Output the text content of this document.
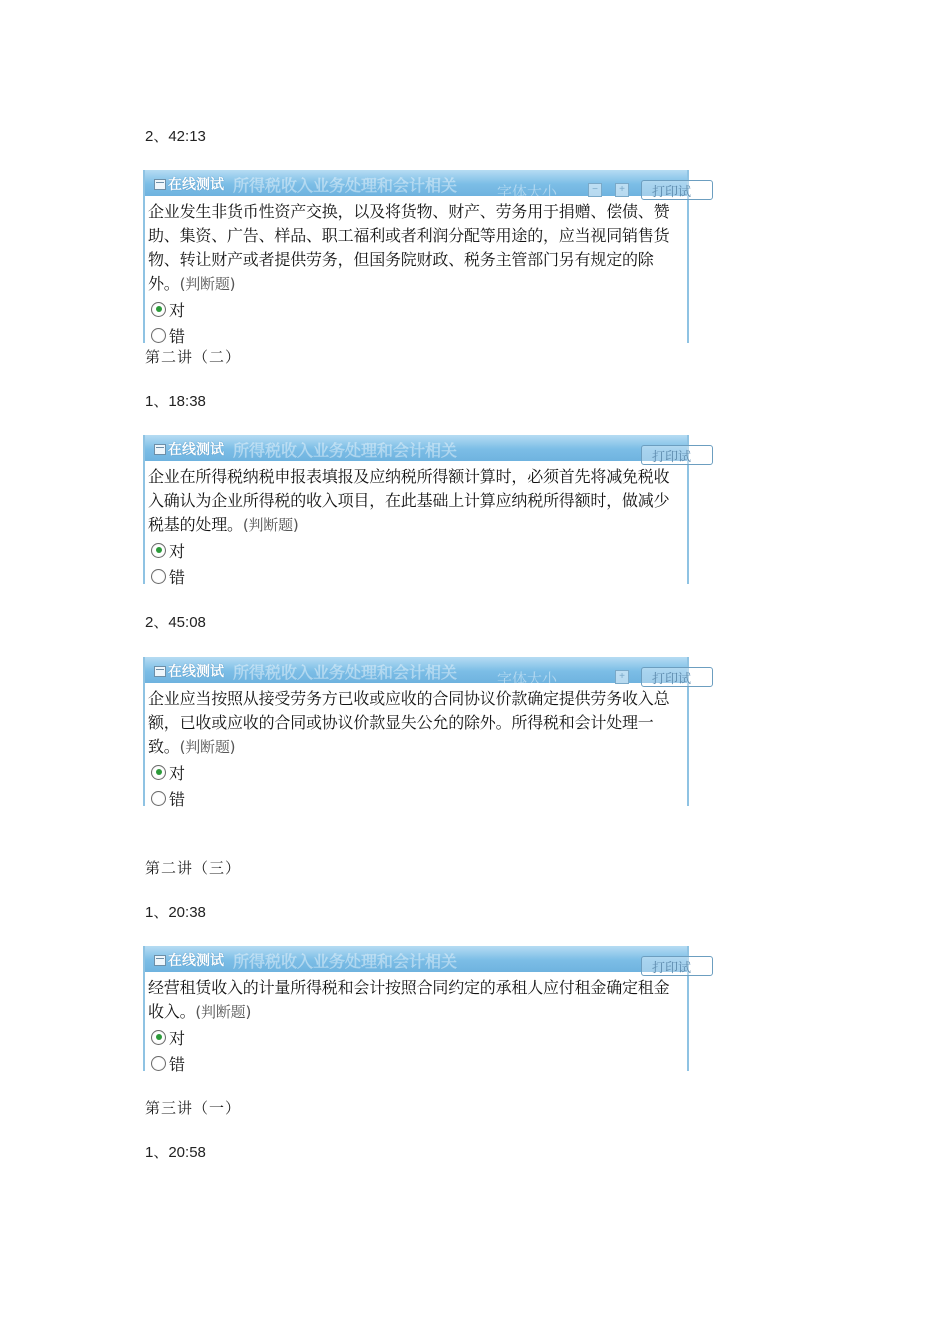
2、42:13
在线测试 所得税收入业务处理和会计相关	字体大小	−	+	打印试
企业发生非货币性资产交换，以及将货物、财产、劳务用于捐赠、偿债、赞助、集资、广告、样品、职工福利或者利润分配等用途的，应当视同销售货物、转让财产或者提供劳务，但国务院财政、税务主管部门另有规定的除外。(判断题)
对
错
第二讲（二）
1、18:38
在线测试 所得税收入业务处理和会计相关	打印试
企业在所得税纳税申报表填报及应纳税所得额计算时，必须首先将减免税收入确认为企业所得税的收入项目，在此基础上计算应纳税所得额时，做减少税基的处理。(判断题)
对
错
2、45:08
在线测试 所得税收入业务处理和会计相关	字体大小	+	打印试
企业应当按照从接受劳务方已收或应收的合同协议价款确定提供劳务收入总额，已收或应收的合同或协议价款显失公允的除外。所得税和会计处理一致。(判断题)
对
错
第二讲（三）
1、20:38
在线测试 所得税收入业务处理和会计相关	打印试
经营租赁收入的计量所得税和会计按照合同约定的承租人应付租金确定租金收入。(判断题)
对
错
第三讲（一）
1、20:58
